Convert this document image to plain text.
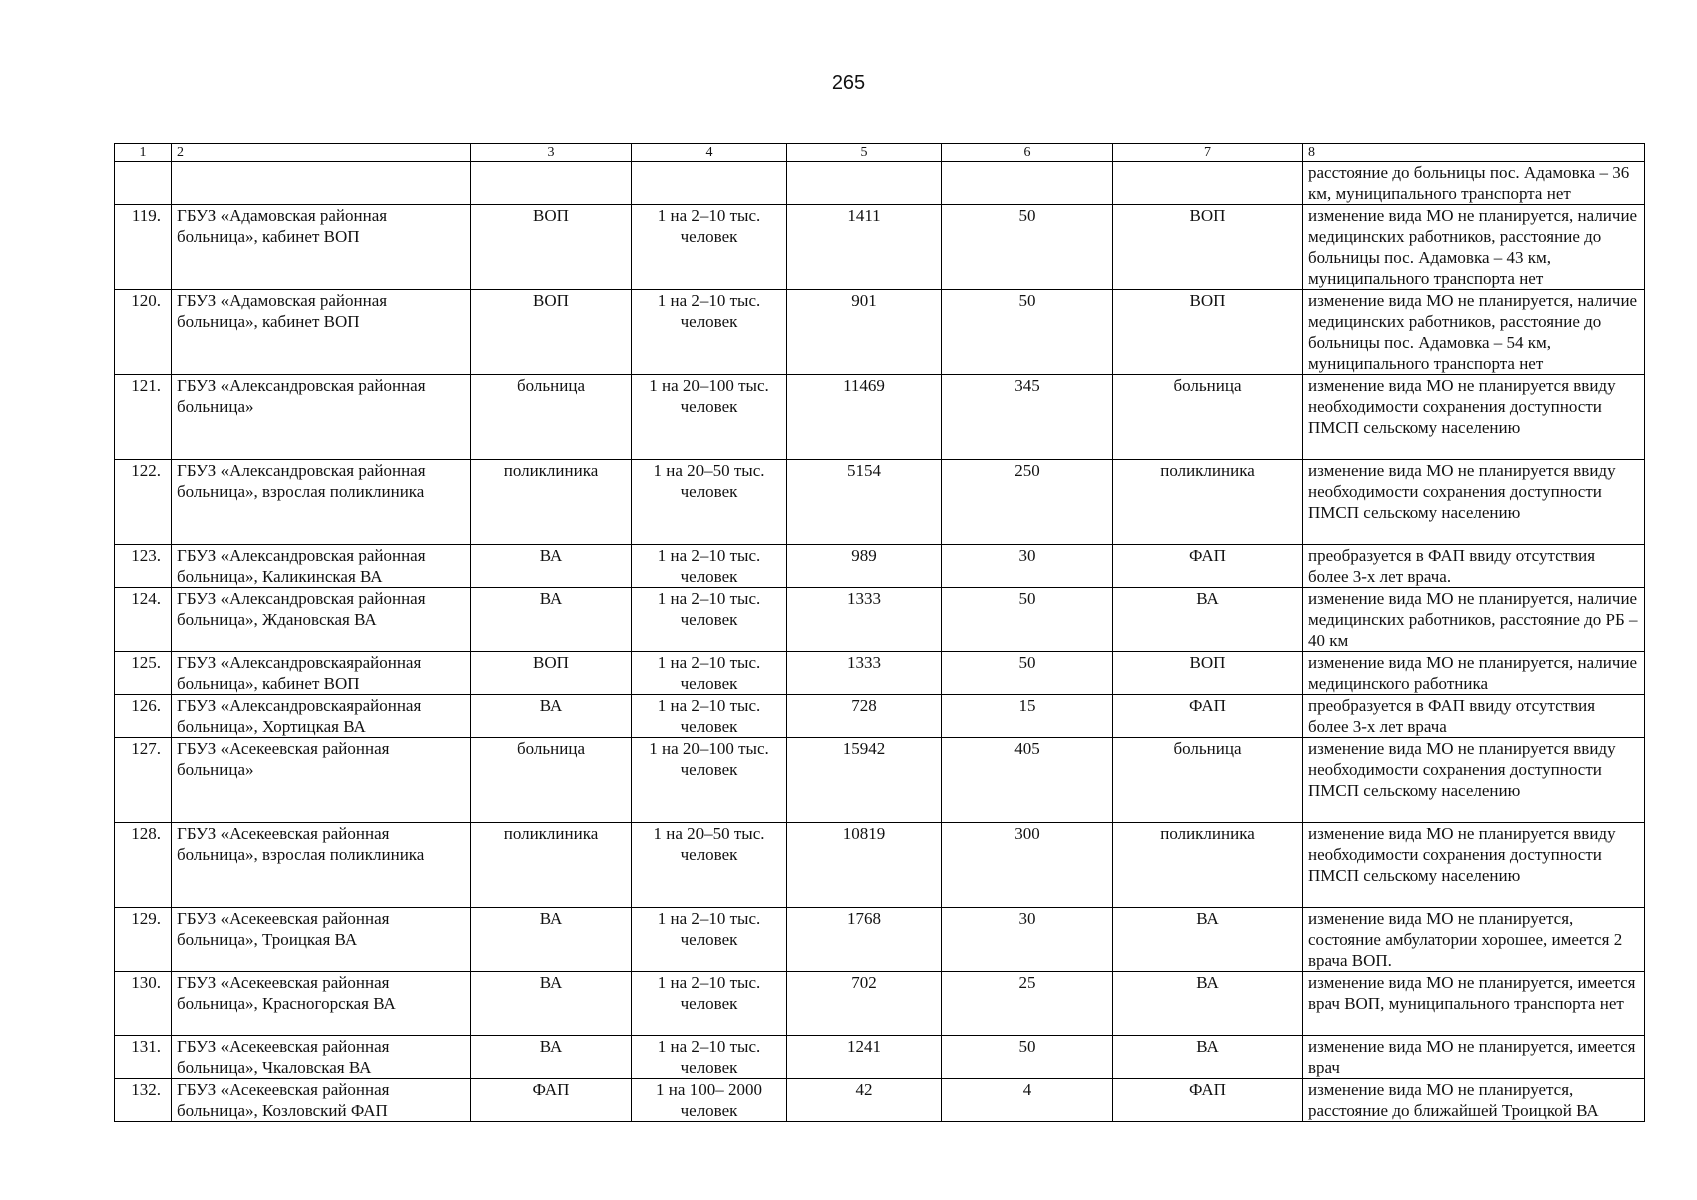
265
1	2	3	4	5	6	7	8
							расстояние до больницы пос. Адамовка – 36 км, муниципального транспорта нет
119.	ГБУЗ «Адамовская районная больница», кабинет ВОП	ВОП	1 на 2–10 тыс. человек	1411	50	ВОП	изменение вида МО не планируется, наличие медицинских работников, расстояние до больницы пос. Адамовка – 43 км, муниципального транспорта нет
120.	ГБУЗ «Адамовская районная больница», кабинет ВОП	ВОП	1 на 2–10 тыс. человек	901	50	ВОП	изменение вида МО не планируется, наличие медицинских работников, расстояние до больницы пос. Адамовка – 54 км, муниципального транспорта нет
121.	ГБУЗ «Александровская районная больница»	больница	1 на 20–100 тыс. человек	11469	345	больница	изменение вида МО не планируется ввиду необходимости сохранения доступности ПМСП сельскому населению
122.	ГБУЗ «Александровская районная больница», взрослая поликлиника	поликлиника	1 на 20–50 тыс. человек	5154	250	поликлиника	изменение вида МО не планируется ввиду необходимости сохранения доступности ПМСП сельскому населению
123.	ГБУЗ «Александровская районная больница», Каликинская ВА	ВА	1 на 2–10 тыс. человек	989	30	ФАП	преобразуется в ФАП ввиду отсутствия более 3-х лет врача.
124.	ГБУЗ «Александровская районная больница», Ждановская ВА	ВА	1 на 2–10 тыс. человек	1333	50	ВА	изменение вида МО не планируется, наличие медицинских работников, расстояние до РБ – 40 км
125.	ГБУЗ «Александровскаярайонная больница», кабинет ВОП	ВОП	1 на 2–10 тыс. человек	1333	50	ВОП	изменение вида МО не планируется, наличие медицинского работника
126.	ГБУЗ «Александровскаярайонная больница», Хортицкая ВА	ВА	1 на 2–10 тыс. человек	728	15	ФАП	преобразуется в ФАП ввиду отсутствия более 3-х лет врача
127.	ГБУЗ «Асекеевская районная больница»	больница	1 на 20–100 тыс. человек	15942	405	больница	изменение вида МО не планируется ввиду необходимости сохранения доступности ПМСП сельскому населению
128.	ГБУЗ «Асекеевская районная больница», взрослая поликлиника	поликлиника	1 на 20–50 тыс. человек	10819	300	поликлиника	изменение вида МО не планируется ввиду необходимости сохранения доступности ПМСП сельскому населению
129.	ГБУЗ «Асекеевская районная больница», Троицкая ВА	ВА	1 на 2–10 тыс. человек	1768	30	ВА	изменение вида МО не планируется, состояние амбулатории хорошее, имеется 2 врача ВОП.
130.	ГБУЗ «Асекеевская районная больница», Красногорская ВА	ВА	1 на 2–10 тыс. человек	702	25	ВА	изменение вида МО не планируется, имеется врач ВОП, муниципального транспорта нет
131.	ГБУЗ «Асекеевская районная больница», Чкаловская ВА	ВА	1 на 2–10 тыс. человек	1241	50	ВА	изменение вида МО не планируется, имеется врач
132.	ГБУЗ «Асекеевская районная больница», Козловский ФАП	ФАП	1 на 100– 2000 человек	42	4	ФАП	изменение вида МО не планируется, расстояние до ближайшей Троицкой ВА
